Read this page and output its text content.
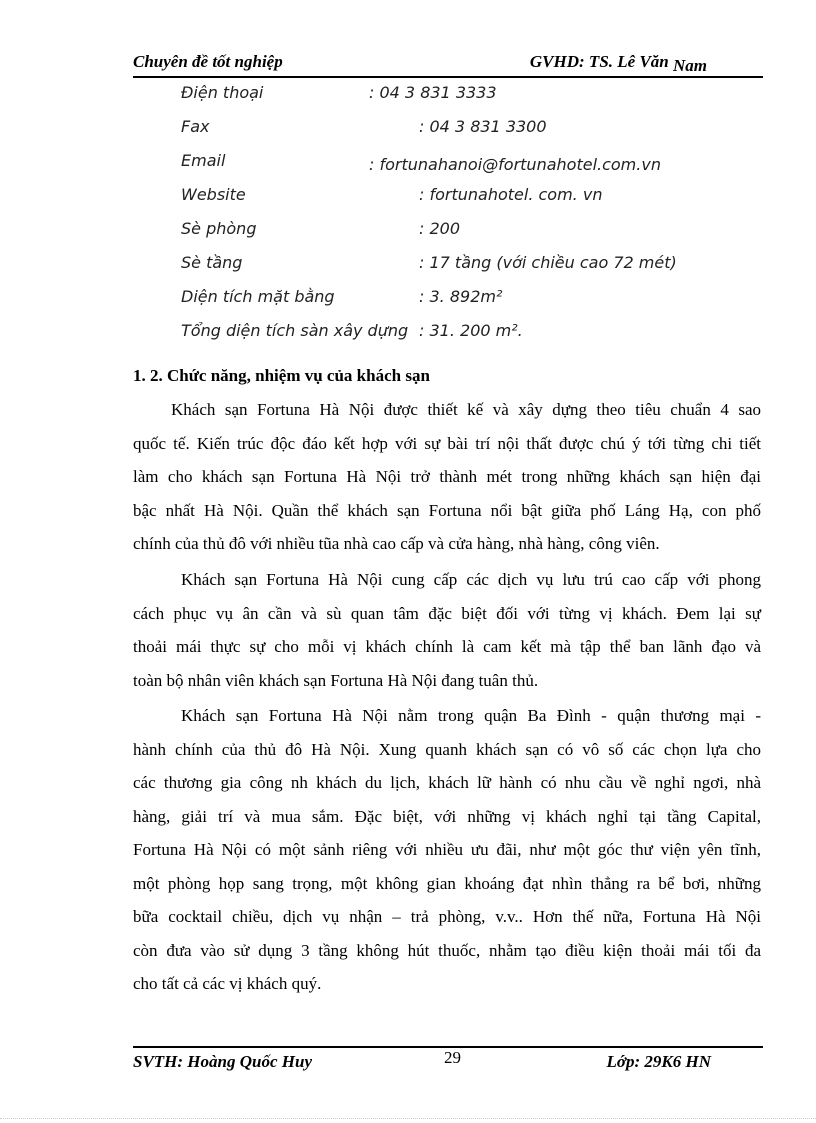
Chuyên đề tốt nghiệp	GVHD: TS. Lê Văn Nam
Điện thoại	: 04 3 831 3333
Fax	: 04 3 831 3300
Email	: fortunahanoi@fortunahotel.com.vn
Website	: fortunahotel. com. vn
Sè phòng	: 200
Sè tầng	: 17 tầng (với chiều cao 72 mét)
Diện tích mặt bằng	: 3. 892m²
Tổng diện tích sàn xây dựng : 31. 200 m².
1. 2. Chức năng, nhiệm vụ của khách sạn
Khách sạn Fortuna Hà Nội được thiết kế và xây dựng theo tiêu chuẩn 4 sao
quốc tế. Kiến trúc độc đáo kết hợp với sự bài trí nội thất được chú ý tới từng chi tiết
làm cho khách sạn Fortuna Hà Nội trở thành mét trong những khách sạn hiện đại
bậc nhất Hà Nội. Quần thể khách sạn Fortuna nổi bật giữa phố Láng Hạ, con phố
chính của thủ đô với nhiều tũa nhà cao cấp và cửa hàng, nhà hàng, công viên.
Khách sạn Fortuna Hà Nội cung cấp các dịch vụ lưu trú cao cấp với phong
cách phục vụ ân cần và sù quan tâm đặc biệt đối với từng vị khách. Đem lại sự
thoải mái thực sự cho mỗi vị khách chính là cam kết mà tập thể ban lãnh đạo và
toàn bộ nhân viên khách sạn Fortuna Hà Nội đang tuân thủ.
Khách sạn Fortuna Hà Nội nằm trong quận Ba Đình - quận thương mại -
hành chính của thủ đô Hà Nội. Xung quanh khách sạn có vô số các chọn lựa cho
các thương gia công nh khách du lịch, khách lữ hành có nhu cầu về nghỉ ngơi, nhà
hàng, giải trí và mua sắm. Đặc biệt, với những vị khách nghỉ tại tầng Capital,
Fortuna Hà Nội có một sảnh riêng với nhiều ưu đãi, như một góc thư viện yên tĩnh,
một phòng họp sang trọng, một không gian khoáng đạt nhìn thẳng ra bể bơi, những
bữa cocktail chiều, dịch vụ nhận – trả phòng, v.v.. Hơn thế nữa, Fortuna Hà Nội
còn đưa vào sử dụng 3 tầng không hút thuốc, nhằm tạo điều kiện thoải mái tối đa
cho tất cả các vị khách quý.
SVTH: Hoàng Quốc Huy	29	Lớp: 29K6 HN
